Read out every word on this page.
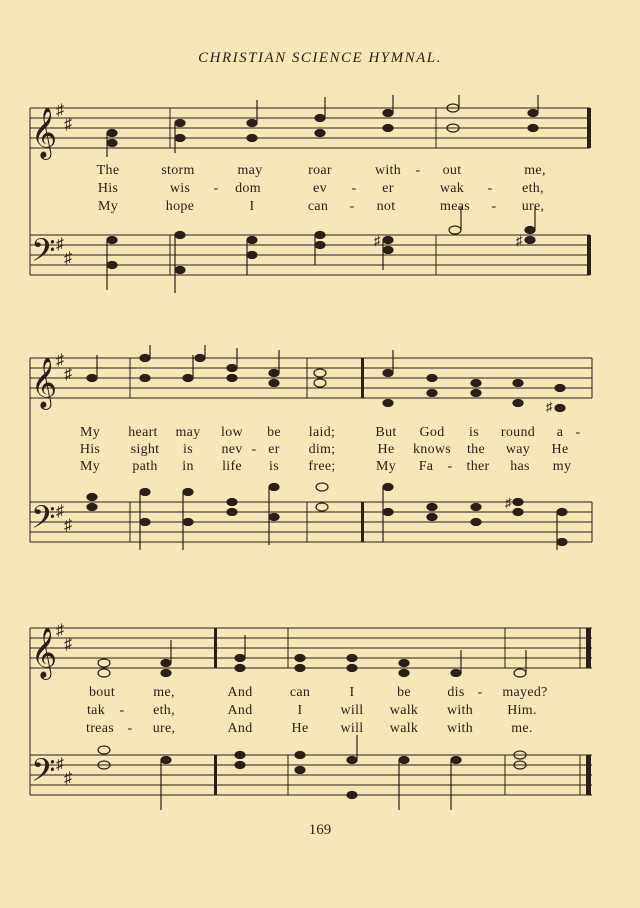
CHRISTIAN SCIENCE HYMNAL.
𝄞
𝄢
♯
♯
♯
♯
♯	♯
The	storm	may	roar	with - out	me,
His	wis - dom	ev - er	wak - eth,
My	hope	I	can - not	meas - ure,
𝄞
𝄢
♯
♯
♯
♯
♯
♯
My heart may low be laid;	But God is round a -
His sight is nev - er dim;	He knows the way He
My path in life is free;	My Fa - ther has my
𝄞
𝄢
♯
♯
♯
♯
bout	me,	And	can	I	be	dis - mayed?
tak - eth,	And	I	will walk with Him.
treas - ure,	And	He will walk with	me.
169
